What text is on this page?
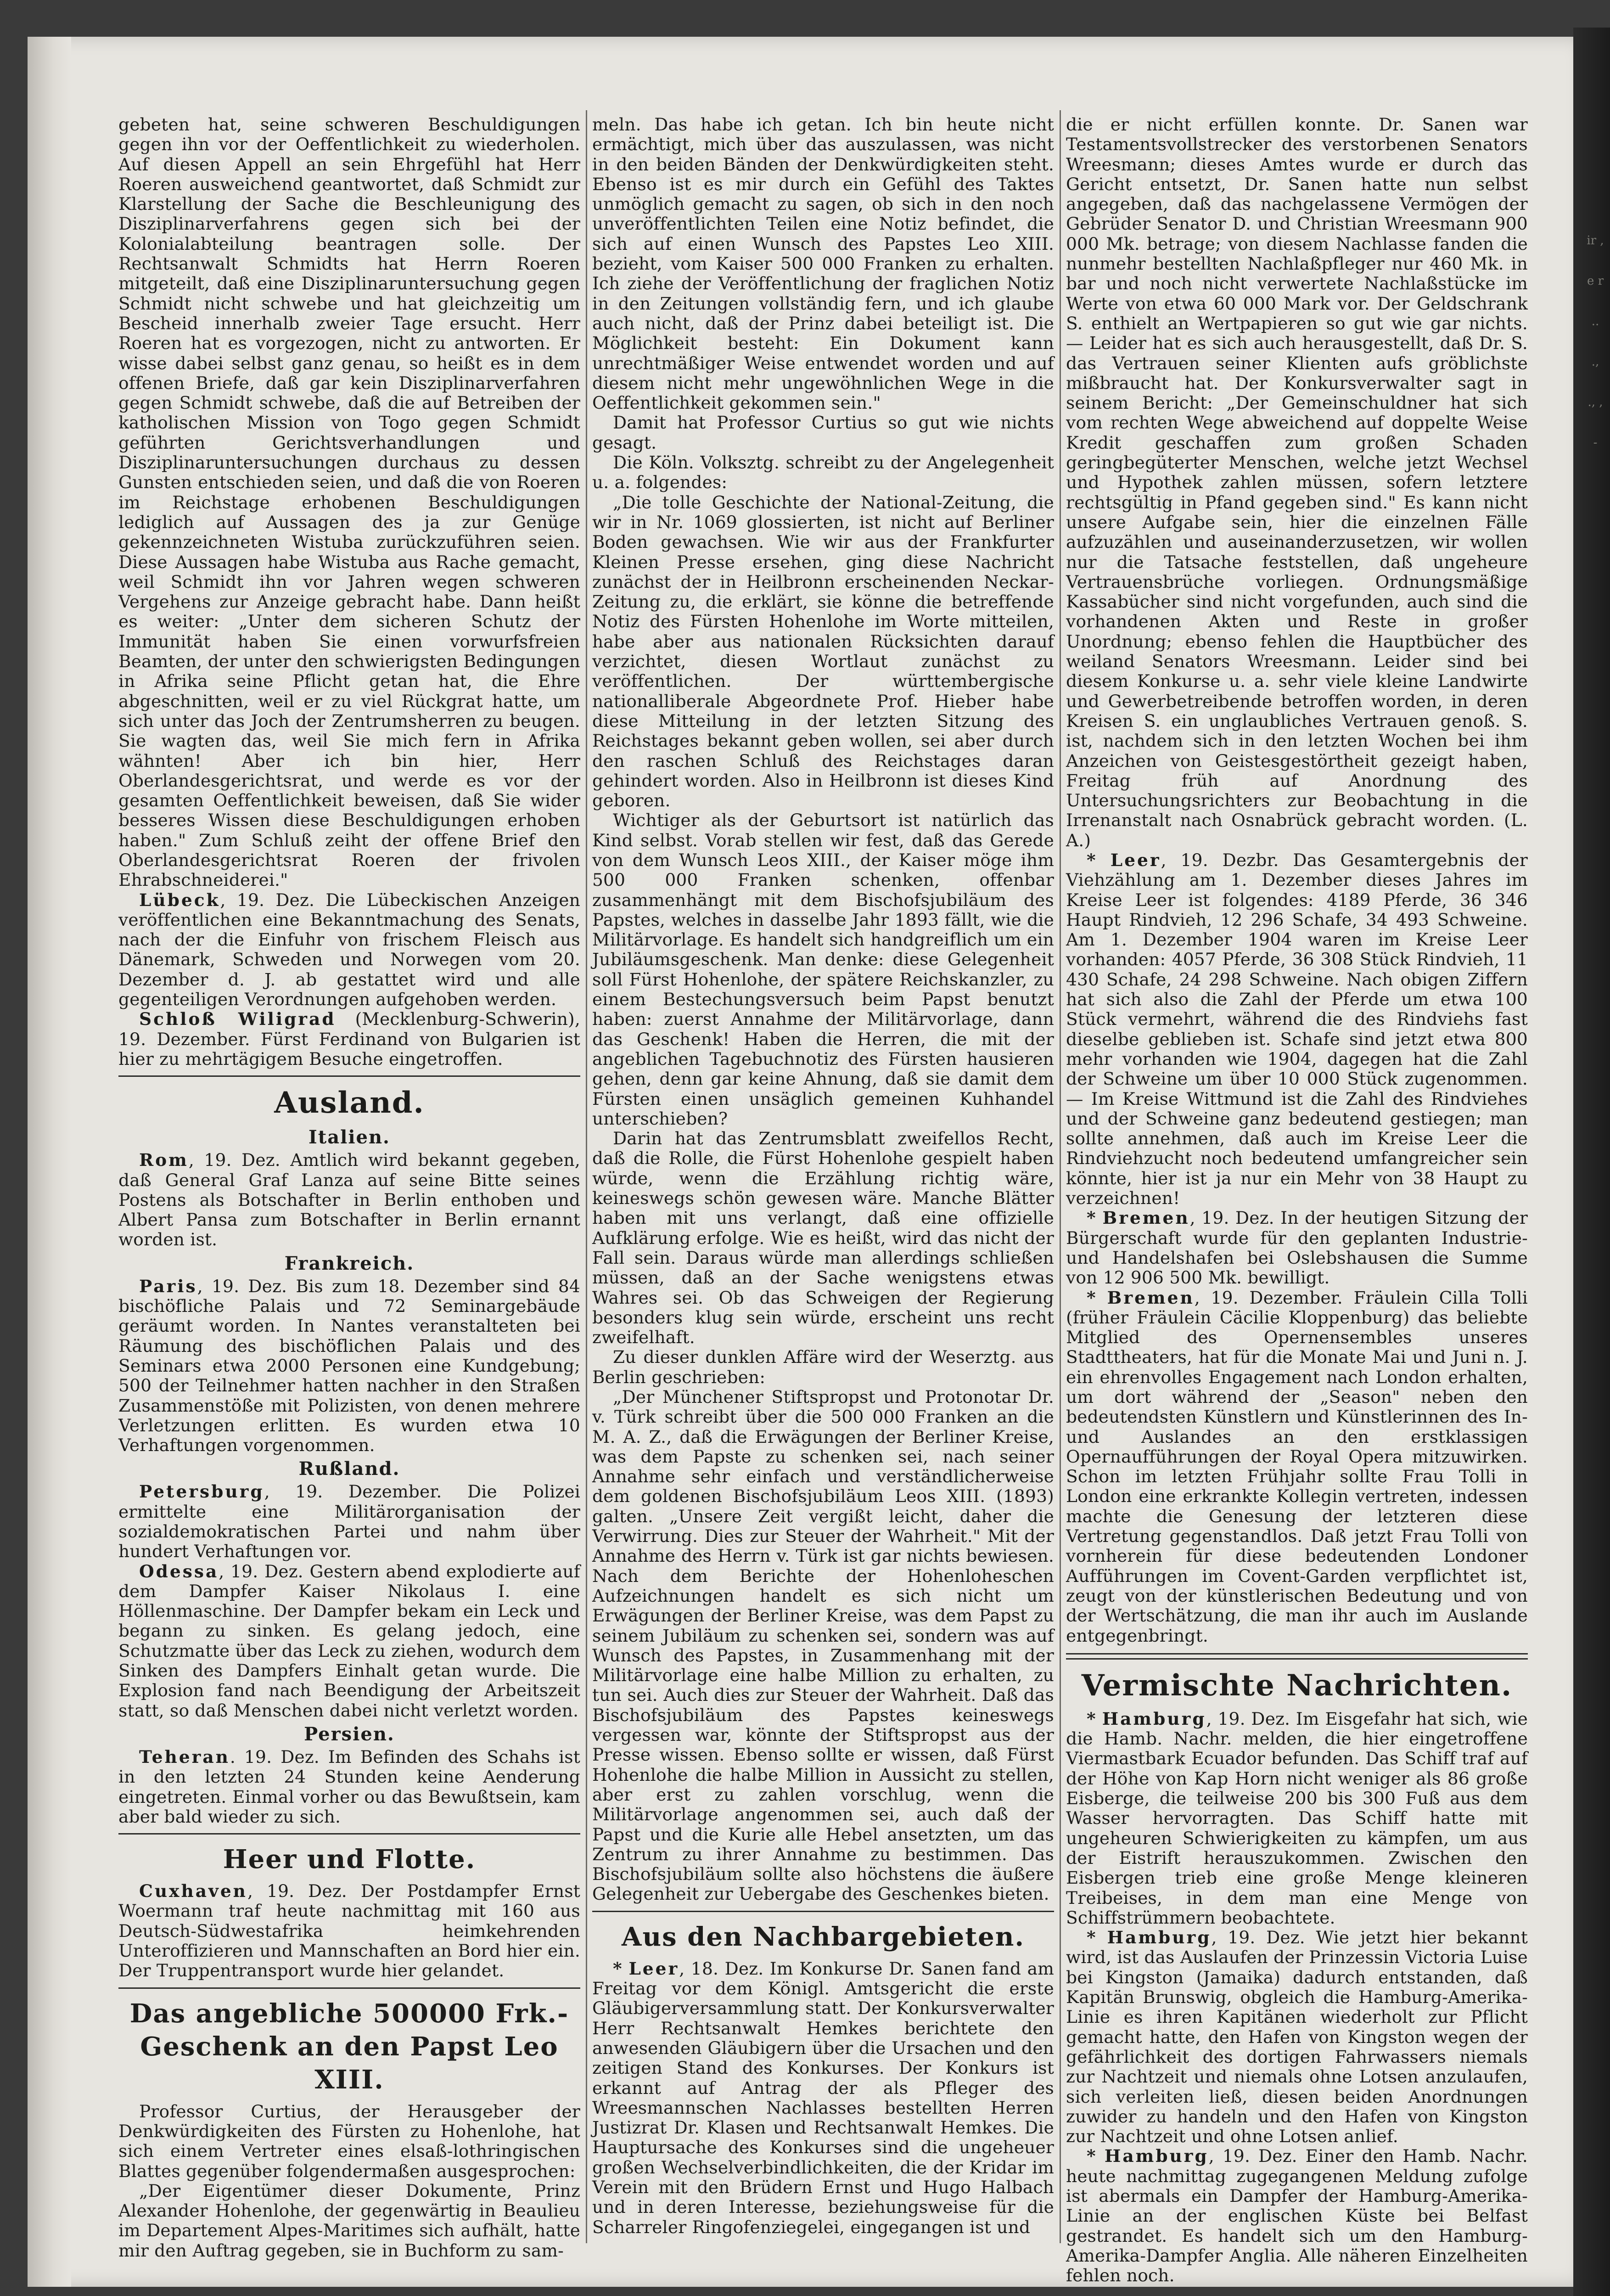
ir , e r .. ., ., , -

gebeten hat, seine schweren Beschuldigungen gegen ihn vor der Oeffentlichkeit zu wiederholen. Auf diesen Appell an sein Ehrgefühl hat Herr Roeren ausweichend geantwortet, daß Schmidt zur Klarstellung der Sache die Beschleunigung des Disziplinarverfahrens gegen sich bei der Kolonialabteilung beantragen solle. Der Rechtsanwalt Schmidts hat Herrn Roeren mitgeteilt, daß eine Disziplinaruntersuchung gegen Schmidt nicht schwebe und hat gleichzeitig um Bescheid innerhalb zweier Tage ersucht. Herr Roeren hat es vorgezogen, nicht zu antworten. Er wisse dabei selbst ganz genau, so heißt es in dem offenen Briefe, daß gar kein Disziplinarverfahren gegen Schmidt schwebe, daß die auf Betreiben der katholischen Mission von Togo gegen Schmidt geführten Gerichtsverhandlungen und Disziplinaruntersuchungen durchaus zu dessen Gunsten entschieden seien, und daß die von Roeren im Reichstage erhobenen Beschuldigungen lediglich auf Aussagen des ja zur Genüge gekennzeichneten Wistuba zurückzuführen seien. Diese Aussagen habe Wistuba aus Rache gemacht, weil Schmidt ihn vor Jahren wegen schweren Vergehens zur Anzeige gebracht habe. Dann heißt es weiter: „Unter dem sicheren Schutz der Immunität haben Sie einen vorwurfsfreien Beamten, der unter den schwierigsten Bedingungen in Afrika seine Pflicht getan hat, die Ehre abgeschnitten, weil er zu viel Rückgrat hatte, um sich unter das Joch der Zentrumsherren zu beugen. Sie wagten das, weil Sie mich fern in Afrika wähnten! Aber ich bin hier, Herr Oberlandesgerichtsrat, und werde es vor der gesamten Oeffentlichkeit beweisen, daß Sie wider besseres Wissen diese Beschuldigungen erhoben haben." Zum Schluß zeiht der offene Brief den Oberlandesgerichtsrat Roeren der frivolen Ehrabschneiderei."

Lübeck, 19. Dez. Die Lübeckischen Anzeigen veröffentlichen eine Bekanntmachung des Senats, nach der die Einfuhr von frischem Fleisch aus Dänemark, Schweden und Norwegen vom 20. Dezember d. J. ab gestattet wird und alle gegenteiligen Verordnungen aufgehoben werden.

Schloß Wiligrad (Mecklenburg-Schwerin), 19. Dezember. Fürst Ferdinand von Bulgarien ist hier zu mehrtägigem Besuche eingetroffen.

Ausland.
Italien.

Rom, 19. Dez. Amtlich wird bekannt gegeben, daß General Graf Lanza auf seine Bitte seines Postens als Botschafter in Berlin enthoben und Albert Pansa zum Botschafter in Berlin ernannt worden ist.

Frankreich.

Paris, 19. Dez. Bis zum 18. Dezember sind 84 bischöfliche Palais und 72 Seminargebäude geräumt worden. In Nantes veranstalteten bei Räumung des bischöflichen Palais und des Seminars etwa 2000 Personen eine Kundgebung; 500 der Teilnehmer hatten nachher in den Straßen Zusammenstöße mit Polizisten, von denen mehrere Verletzungen erlitten. Es wurden etwa 10 Verhaftungen vorgenommen.

Rußland.

Petersburg, 19. Dezember. Die Polizei ermittelte eine Militärorganisation der sozialdemokratischen Partei und nahm über hundert Verhaftungen vor.

Odessa, 19. Dez. Gestern abend explodierte auf dem Dampfer Kaiser Nikolaus I. eine Höllenmaschine. Der Dampfer bekam ein Leck und begann zu sinken. Es gelang jedoch, eine Schutzmatte über das Leck zu ziehen, wodurch dem Sinken des Dampfers Einhalt getan wurde. Die Explosion fand nach Beendigung der Arbeitszeit statt, so daß Menschen dabei nicht verletzt worden.

Persien.

Teheran. 19. Dez. Im Befinden des Schahs ist in den letzten 24 Stunden keine Aenderung eingetreten. Einmal vorher ou das Bewußtsein, kam aber bald wieder zu sich.

Heer und Flotte.

Cuxhaven, 19. Dez. Der Postdampfer Ernst Woermann traf heute nachmittag mit 160 aus Deutsch-Südwestafrika heimkehrenden Unteroffizieren und Mannschaften an Bord hier ein. Der Truppentransport wurde hier gelandet.

Das angebliche 500000 Frk.-Geschenk an den Papst Leo XIII.

Professor Curtius, der Herausgeber der Denkwürdigkeiten des Fürsten zu Hohenlohe, hat sich einem Vertreter eines elsaß-lothringischen Blattes gegenüber folgendermaßen ausgesprochen:

„Der Eigentümer dieser Dokumente, Prinz Alexander Hohenlohe, der gegenwärtig in Beaulieu im Departement Alpes-Maritimes sich aufhält, hatte mir den Auftrag gegeben, sie in Buchform zu sam-

meln. Das habe ich getan. Ich bin heute nicht ermächtigt, mich über das auszulassen, was nicht in den beiden Bänden der Denkwürdigkeiten steht. Ebenso ist es mir durch ein Gefühl des Taktes unmöglich gemacht zu sagen, ob sich in den noch unveröffentlichten Teilen eine Notiz befindet, die sich auf einen Wunsch des Papstes Leo XIII. bezieht, vom Kaiser 500 000 Franken zu erhalten. Ich ziehe der Veröffentlichung der fraglichen Notiz in den Zeitungen vollständig fern, und ich glaube auch nicht, daß der Prinz dabei beteiligt ist. Die Möglichkeit besteht: Ein Dokument kann unrechtmäßiger Weise entwendet worden und auf diesem nicht mehr ungewöhnlichen Wege in die Oeffentlichkeit gekommen sein."

Damit hat Professor Curtius so gut wie nichts gesagt.

Die Köln. Volksztg. schreibt zu der Angelegenheit u. a. folgendes:

„Die tolle Geschichte der National-Zeitung, die wir in Nr. 1069 glossierten, ist nicht auf Berliner Boden gewachsen. Wie wir aus der Frankfurter Kleinen Presse ersehen, ging diese Nachricht zunächst der in Heilbronn erscheinenden Neckar-Zeitung zu, die erklärt, sie könne die betreffende Notiz des Fürsten Hohenlohe im Worte mitteilen, habe aber aus nationalen Rücksichten darauf verzichtet, diesen Wortlaut zunächst zu veröffentlichen. Der württembergische nationalliberale Abgeordnete Prof. Hieber habe diese Mitteilung in der letzten Sitzung des Reichstages bekannt geben wollen, sei aber durch den raschen Schluß des Reichstages daran gehindert worden. Also in Heilbronn ist dieses Kind geboren.

Wichtiger als der Geburtsort ist natürlich das Kind selbst. Vorab stellen wir fest, daß das Gerede von dem Wunsch Leos XIII., der Kaiser möge ihm 500 000 Franken schenken, offenbar zusammenhängt mit dem Bischofsjubiläum des Papstes, welches in dasselbe Jahr 1893 fällt, wie die Militärvorlage. Es handelt sich handgreiflich um ein Jubiläumsgeschenk. Man denke: diese Gelegenheit soll Fürst Hohenlohe, der spätere Reichskanzler, zu einem Bestechungsversuch beim Papst benutzt haben: zuerst Annahme der Militärvorlage, dann das Geschenk! Haben die Herren, die mit der angeblichen Tagebuchnotiz des Fürsten hausieren gehen, denn gar keine Ahnung, daß sie damit dem Fürsten einen unsäglich gemeinen Kuhhandel unterschieben?

Darin hat das Zentrumsblatt zweifellos Recht, daß die Rolle, die Fürst Hohenlohe gespielt haben würde, wenn die Erzählung richtig wäre, keineswegs schön gewesen wäre. Manche Blätter haben mit uns verlangt, daß eine offizielle Aufklärung erfolge. Wie es heißt, wird das nicht der Fall sein. Daraus würde man allerdings schließen müssen, daß an der Sache wenigstens etwas Wahres sei. Ob das Schweigen der Regierung besonders klug sein würde, erscheint uns recht zweifelhaft.

Zu dieser dunklen Affäre wird der Weserztg. aus Berlin geschrieben:

„Der Münchener Stiftspropst und Protonotar Dr. v. Türk schreibt über die 500 000 Franken an die M. A. Z., daß die Erwägungen der Berliner Kreise, was dem Papste zu schenken sei, nach seiner Annahme sehr einfach und verständlicherweise dem goldenen Bischofsjubiläum Leos XIII. (1893) galten. „Unsere Zeit vergißt leicht, daher die Verwirrung. Dies zur Steuer der Wahrheit." Mit der Annahme des Herrn v. Türk ist gar nichts bewiesen. Nach dem Berichte der Hohenloheschen Aufzeichnungen handelt es sich nicht um Erwägungen der Berliner Kreise, was dem Papst zu seinem Jubiläum zu schenken sei, sondern was auf Wunsch des Papstes, in Zusammenhang mit der Militärvorlage eine halbe Million zu erhalten, zu tun sei. Auch dies zur Steuer der Wahrheit. Daß das Bischofsjubiläum des Papstes keineswegs vergessen war, könnte der Stiftspropst aus der Presse wissen. Ebenso sollte er wissen, daß Fürst Hohenlohe die halbe Million in Aussicht zu stellen, aber erst zu zahlen vorschlug, wenn die Militärvorlage angenommen sei, auch daß der Papst und die Kurie alle Hebel ansetzten, um das Zentrum zu ihrer Annahme zu bestimmen. Das Bischofsjubiläum sollte also höchstens die äußere Gelegenheit zur Uebergabe des Geschenkes bieten.

Aus den Nachbargebieten.

* Leer, 18. Dez. Im Konkurse Dr. Sanen fand am Freitag vor dem Königl. Amtsgericht die erste Gläubigerversammlung statt. Der Konkursverwalter Herr Rechtsanwalt Hemkes berichtete den anwesenden Gläubigern über die Ursachen und den zeitigen Stand des Konkurses. Der Konkurs ist erkannt auf Antrag der als Pfleger des Wreesmannschen Nachlasses bestellten Herren Justizrat Dr. Klasen und Rechtsanwalt Hemkes. Die Hauptursache des Konkurses sind die ungeheuer großen Wechselverbindlichkeiten, die der Kridar im Verein mit den Brüdern Ernst und Hugo Halbach und in deren Interesse, beziehungsweise für die Scharreler Ringofenziegelei, eingegangen ist und

die er nicht erfüllen konnte. Dr. Sanen war Testamentsvollstrecker des verstorbenen Senators Wreesmann; dieses Amtes wurde er durch das Gericht entsetzt, Dr. Sanen hatte nun selbst angegeben, daß das nachgelassene Vermögen der Gebrüder Senator D. und Christian Wreesmann 900 000 Mk. betrage; von diesem Nachlasse fanden die nunmehr bestellten Nachlaßpfleger nur 460 Mk. in bar und noch nicht verwertete Nachlaßstücke im Werte von etwa 60 000 Mark vor. Der Geldschrank S. enthielt an Wertpapieren so gut wie gar nichts. — Leider hat es sich auch herausgestellt, daß Dr. S. das Vertrauen seiner Klienten aufs gröblichste mißbraucht hat. Der Konkursverwalter sagt in seinem Bericht: „Der Gemeinschuldner hat sich vom rechten Wege abweichend auf doppelte Weise Kredit geschaffen zum großen Schaden geringbegüterter Menschen, welche jetzt Wechsel und Hypothek zahlen müssen, sofern letztere rechtsgültig in Pfand gegeben sind." Es kann nicht unsere Aufgabe sein, hier die einzelnen Fälle aufzuzählen und auseinanderzusetzen, wir wollen nur die Tatsache feststellen, daß ungeheure Vertrauensbrüche vorliegen. Ordnungsmäßige Kassabücher sind nicht vorgefunden, auch sind die vorhandenen Akten und Reste in großer Unordnung; ebenso fehlen die Hauptbücher des weiland Senators Wreesmann. Leider sind bei diesem Konkurse u. a. sehr viele kleine Landwirte und Gewerbetreibende betroffen worden, in deren Kreisen S. ein unglaubliches Vertrauen genoß. S. ist, nachdem sich in den letzten Wochen bei ihm Anzeichen von Geistesgestörtheit gezeigt haben, Freitag früh auf Anordnung des Untersuchungsrichters zur Beobachtung in die Irrenanstalt nach Osnabrück gebracht worden. (L. A.)

* Leer, 19. Dezbr. Das Gesamtergebnis der Viehzählung am 1. Dezember dieses Jahres im Kreise Leer ist folgendes: 4189 Pferde, 36 346 Haupt Rindvieh, 12 296 Schafe, 34 493 Schweine. Am 1. Dezember 1904 waren im Kreise Leer vorhanden: 4057 Pferde, 36 308 Stück Rindvieh, 11 430 Schafe, 24 298 Schweine. Nach obigen Ziffern hat sich also die Zahl der Pferde um etwa 100 Stück vermehrt, während die des Rindviehs fast dieselbe geblieben ist. Schafe sind jetzt etwa 800 mehr vorhanden wie 1904, dagegen hat die Zahl der Schweine um über 10 000 Stück zugenommen. — Im Kreise Wittmund ist die Zahl des Rindviehes und der Schweine ganz bedeutend gestiegen; man sollte annehmen, daß auch im Kreise Leer die Rindviehzucht noch bedeutend umfangreicher sein könnte, hier ist ja nur ein Mehr von 38 Haupt zu verzeichnen!

* Bremen, 19. Dez. In der heutigen Sitzung der Bürgerschaft wurde für den geplanten Industrie- und Handelshafen bei Oslebshausen die Summe von 12 906 500 Mk. bewilligt.

* Bremen, 19. Dezember. Fräulein Cilla Tolli (früher Fräulein Cäcilie Kloppenburg) das beliebte Mitglied des Opernensembles unseres Stadttheaters, hat für die Monate Mai und Juni n. J. ein ehrenvolles Engagement nach London erhalten, um dort während der „Season" neben den bedeutendsten Künstlern und Künstlerinnen des In- und Auslandes an den erstklassigen Opernaufführungen der Royal Opera mitzuwirken. Schon im letzten Frühjahr sollte Frau Tolli in London eine erkrankte Kollegin vertreten, indessen machte die Genesung der letzteren diese Vertretung gegenstandlos. Daß jetzt Frau Tolli von vornherein für diese bedeutenden Londoner Aufführungen im Covent-Garden verpflichtet ist, zeugt von der künstlerischen Bedeutung und von der Wertschätzung, die man ihr auch im Auslande entgegenbringt.

Vermischte Nachrichten.

* Hamburg, 19. Dez. Im Eisgefahr hat sich, wie die Hamb. Nachr. melden, die hier eingetroffene Viermastbark Ecuador befunden. Das Schiff traf auf der Höhe von Kap Horn nicht weniger als 86 große Eisberge, die teilweise 200 bis 300 Fuß aus dem Wasser hervorragten. Das Schiff hatte mit ungeheuren Schwierigkeiten zu kämpfen, um aus der Eistrift herauszukommen. Zwischen den Eisbergen trieb eine große Menge kleineren Treibeises, in dem man eine Menge von Schiffstrümmern beobachtete.

* Hamburg, 19. Dez. Wie jetzt hier bekannt wird, ist das Auslaufen der Prinzessin Victoria Luise bei Kingston (Jamaika) dadurch entstanden, daß Kapitän Brunswig, obgleich die Hamburg-Amerika-Linie es ihren Kapitänen wiederholt zur Pflicht gemacht hatte, den Hafen von Kingston wegen der gefährlichkeit des dortigen Fahrwassers niemals zur Nachtzeit und niemals ohne Lotsen anzulaufen, sich verleiten ließ, diesen beiden Anordnungen zuwider zu handeln und den Hafen von Kingston zur Nachtzeit und ohne Lotsen anlief.

* Hamburg, 19. Dez. Einer den Hamb. Nachr. heute nachmittag zugegangenen Meldung zufolge ist abermals ein Dampfer der Hamburg-Amerika-Linie an der englischen Küste bei Belfast gestrandet. Es handelt sich um den Hamburg-Amerika-Dampfer Anglia. Alle näheren Einzelheiten fehlen noch.
